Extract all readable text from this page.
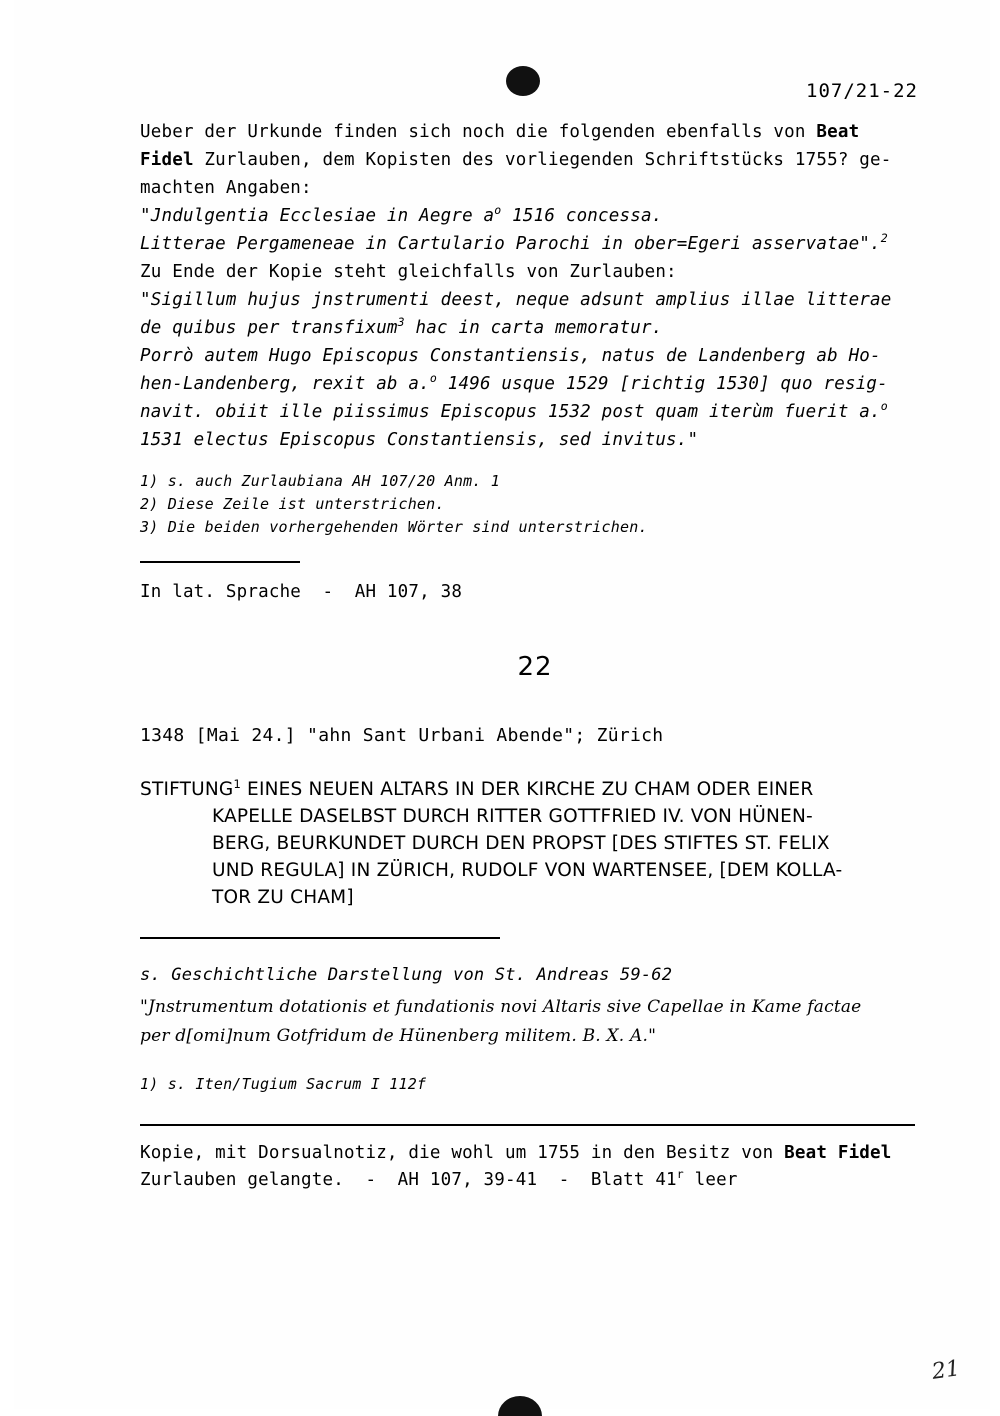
107/21-22

Ueber der Urkunde finden sich noch die folgenden ebenfalls von Beat
Fidel Zurlauben, dem Kopisten des vorliegenden Schriftstücks 1755? ge-
machten Angaben:

"Jndulgentia Ecclesiae in Aegre $a^o$ 1516 concessa.
Litterae Pergameneae in Cartulario Parochi in ober=Egeri asservatae".$^2$

Zu Ende der Kopie steht gleichfalls von Zurlauben:

"Sigillum hujus jnstrumenti deest, neque adsunt amplius illae litterae
de quibus per transfixum$^3$ hac in carta memoratur.
Porrò autem Hugo Episcopus Constantiensis, natus de Landenberg ab Ho-
hen-Landenberg, rexit ab a.$^o$ 1496 usque 1529 [richtig 1530] quo resig-
navit. obiit ille piissimus Episcopus 1532 post quam iterùm fuerit a.$^o$
1531 electus Episcopus Constantiensis, sed invitus."

1) s. auch Zurlaubiana AH 107/20 Anm. 1

2) Diese Zeile ist unterstrichen.

3) Die beiden vorhergehenden Wörter sind unterstrichen.

In lat. Sprache  -  AH 107, 38

22

1348 [Mai 24.] "ahn Sant Urbani Abende"; Zürich

STIFTUNG$^1$ EINES NEUEN ALTARS IN DER KIRCHE ZU CHAM ODER EINER
KAPELLE DASELBST DURCH RITTER GOTTFRIED IV. VON HÜNEN-
BERG, BEURKUNDET DURCH DEN PROPST [DES STIFTES ST. FELIX
UND REGULA] IN ZÜRICH, RUDOLF VON WARTENSEE, [DEM KOLLA-
TOR ZU CHAM]

s. Geschichtliche Darstellung von St. Andreas 59-62

"Jnstrumentum dotationis et fundationis novi Altaris sive Capellae in Kame factae
per d[omi]num Gotfridum de Hünenberg militem. B. X. A."

1) s. Iten/Tugium Sacrum I 112f

Kopie, mit Dorsualnotiz, die wohl um 1755 in den Besitz von Beat Fidel
Zurlauben gelangte.  -  AH 107, 39-41  -  Blatt 41$^r$ leer

21
